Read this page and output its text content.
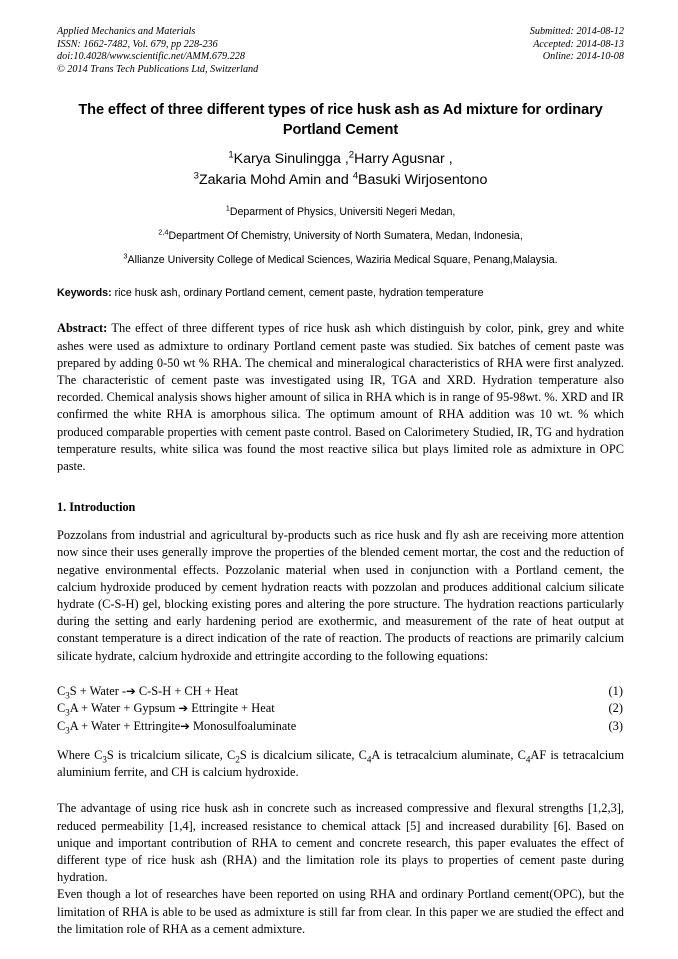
Applied Mechanics and Materials
ISSN: 1662-7482, Vol. 679, pp 228-236
doi:10.4028/www.scientific.net/AMM.679.228
© 2014 Trans Tech Publications Ltd, Switzerland
Submitted: 2014-08-12
Accepted: 2014-08-13
Online: 2014-10-08
The effect of three different types of rice husk ash as Ad mixture for ordinary Portland Cement
$^1$Karya Sinulingga ,$^2$Harry Agusnar ,
$^3$Zakaria Mohd Amin and $^4$Basuki Wirjosentono
$^1$Deparment of Physics, Universiti Negeri Medan,
$^{2,4}$Department Of Chemistry, University of North Sumatera, Medan, Indonesia,
$^3$Allianze University College of Medical Sciences, Waziria Medical Square, Penang,Malaysia.
Keywords: rice husk ash, ordinary Portland cement, cement paste, hydration temperature
Abstract: The effect of three different types of rice husk ash which distinguish by color, pink, grey and white ashes were used as admixture to ordinary Portland cement paste was studied. Six batches of cement paste was prepared by adding 0-50 wt % RHA. The chemical and mineralogical characteristics of RHA were first analyzed. The characteristic of cement paste was investigated using IR, TGA and XRD. Hydration temperature also recorded. Chemical analysis shows higher amount of silica in RHA which is in range of 95-98wt. %. XRD and IR confirmed the white RHA is amorphous silica. The optimum amount of RHA addition was 10 wt. % which produced comparable properties with cement paste control. Based on Calorimetery Studied, IR, TG and hydration temperature results, white silica was found the most reactive silica but plays limited role as admixture in OPC paste.
1. Introduction
Pozzolans from industrial and agricultural by-products such as rice husk and fly ash are receiving more attention now since their uses generally improve the properties of the blended cement mortar, the cost and the reduction of negative environmental effects. Pozzolanic material when used in conjunction with a Portland cement, the calcium hydroxide produced by cement hydration reacts with pozzolan and produces additional calcium silicate hydrate (C-S-H) gel, blocking existing pores and altering the pore structure. The hydration reactions particularly during the setting and early hardening period are exothermic, and measurement of the rate of heat output at constant temperature is a direct indication of the rate of reaction. The products of reactions are primarily calcium silicate hydrate, calcium hydroxide and ettringite according to the following equations:
$C_3S$ + Water -➔ C-S-H + CH + Heat	(1)
$C_3A$ + Water + Gypsum ➔ Ettringite + Heat	(2)
$C_3A$ + Water + Ettringite➔ Monosulfoaluminate	(3)
Where $C_3S$ is tricalcium silicate, $C_2S$ is dicalcium silicate, $C_4A$ is tetracalcium aluminate, $C_4AF$ is tetracalcium aluminium ferrite, and CH is calcium hydroxide.
The advantage of using rice husk ash in concrete such as increased compressive and flexural strengths [1,2,3], reduced permeability [1,4], increased resistance to chemical attack [5] and increased durability [6]. Based on unique and important contribution of RHA to cement and concrete research, this paper evaluates the effect of different type of rice husk ash (RHA) and the limitation role its plays to properties of cement paste during hydration.
Even though a lot of researches have been reported on using RHA and ordinary Portland cement(OPC), but the limitation of RHA is able to be used as admixture is still far from clear. In this paper we are studied the effect and the limitation role of RHA as a cement admixture.
